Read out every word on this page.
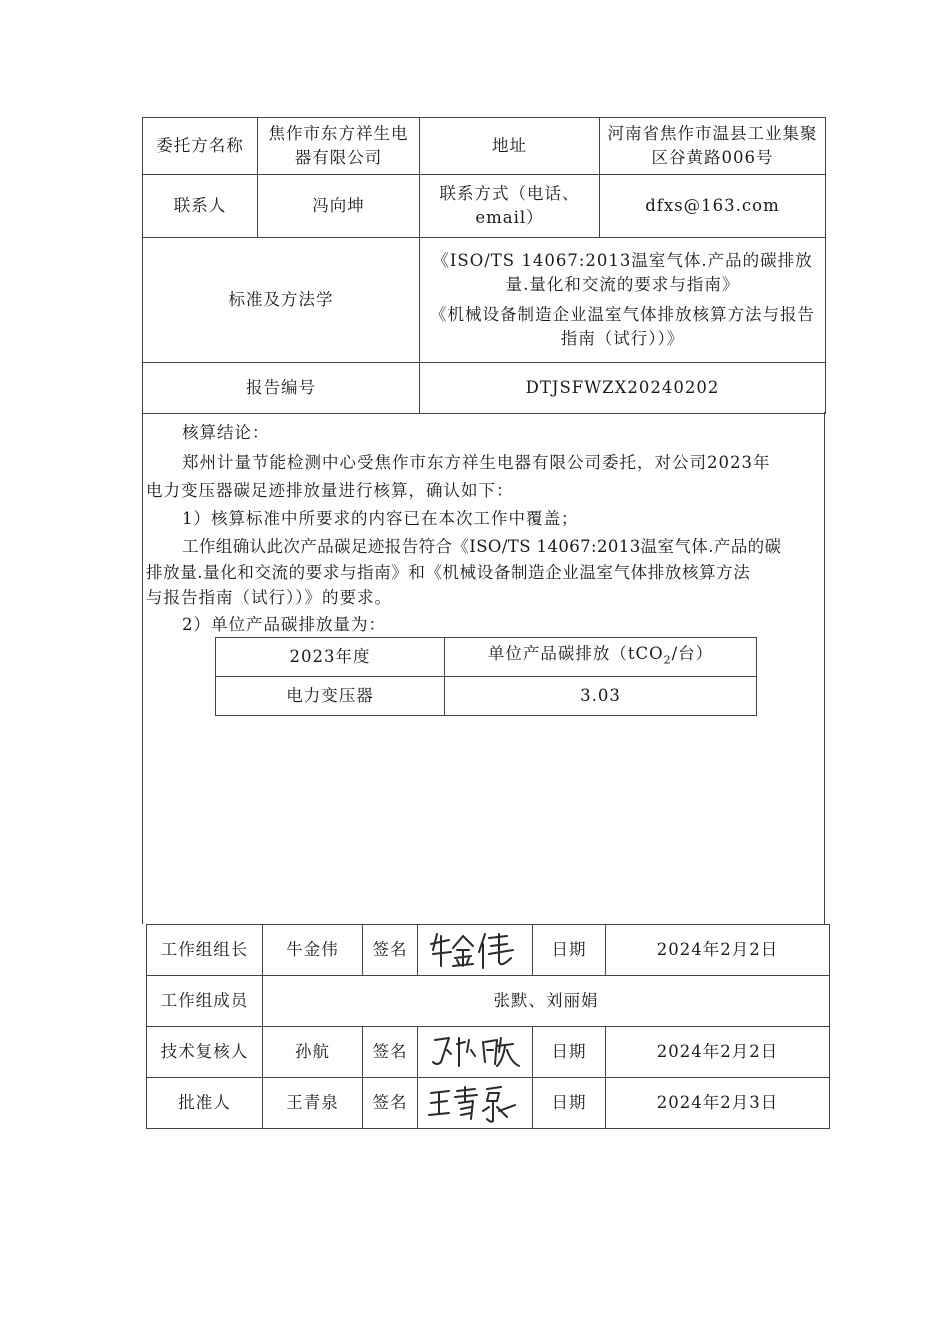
委托方名称	焦作市东方祥生电器有限公司	地址	河南省焦作市温县工业集聚区谷黄路006号
联系人	冯向坤	联系方式（电话、email）	dfxs@163.com
标准及方法学		《ISO/TS 14067:2013温室气体.产品的碳排放量.量化和交流的要求与指南》
《机械设备制造企业温室气体排放核算方法与报告指南（试行））》	

报告编号		DTJSFWZX20240202	
核算结论：
郑州计量节能检测中心受焦作市东方祥生电器有限公司委托，对公司2023年
电力变压器碳足迹排放量进行核算，确认如下：
1）核算标准中所要求的内容已在本次工作中覆盖；
工作组确认此次产品碳足迹报告符合《ISO/TS 14067:2013温室气体.产品的碳
排放量.量化和交流的要求与指南》和《机械设备制造企业温室气体排放核算方法
与报告指南（试行））》的要求。
2）单位产品碳排放量为：
2023年度	单位产品碳排放（tCO$_2$/台）
电力变压器	3.03
工作组组长	牛金伟	签名		日期	2024年2月2日
工作组成员	张默、刘丽娟				
技术复核人	孙航	签名		日期	2024年2月2日
批准人	王青泉	签名		日期	2024年2月3日
